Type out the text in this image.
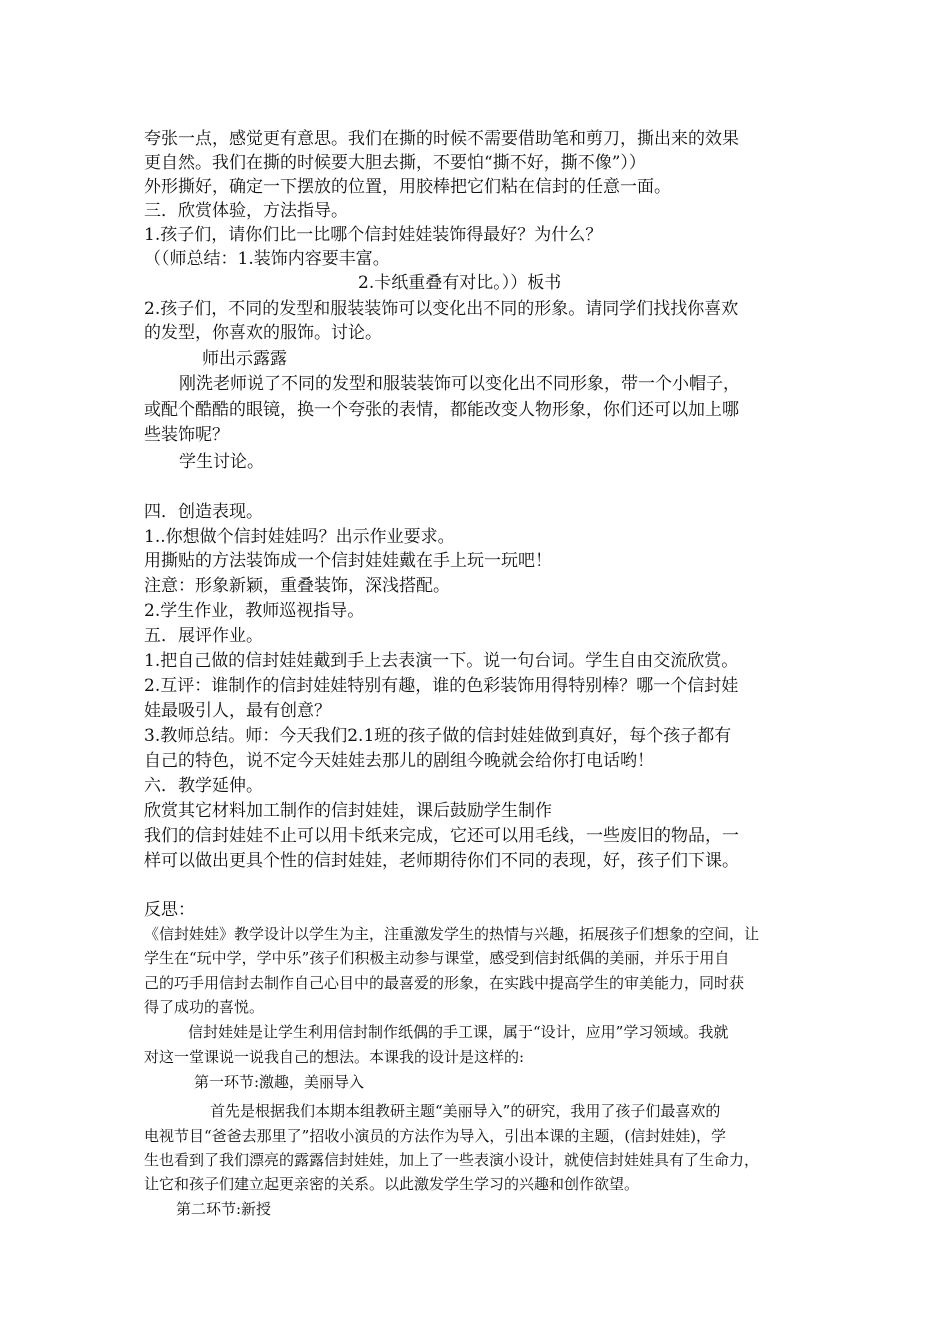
夸张一点，感觉更有意思。我们在撕的时候不需要借助笔和剪刀，撕出来的效果
更自然。我们在撕的时候要大胆去撕，不要怕“撕不好，撕不像”））
外形撕好，确定一下摆放的位置，用胶棒把它们粘在信封的任意一面。
三．欣赏体验，方法指导。
1.孩子们，请你们比一比哪个信封娃娃装饰得最好？为什么？
（（师总结：1.装饰内容要丰富。
2.卡纸重叠有对比。））板书
2.孩子们，不同的发型和服装装饰可以变化出不同的形象。请同学们找找你喜欢
的发型，你喜欢的服饰。讨论。
师出示露露
刚洗老师说了不同的发型和服装装饰可以变化出不同形象，带一个小帽子，
或配个酷酷的眼镜，换一个夸张的表情，都能改变人物形象，你们还可以加上哪
些装饰呢？
学生讨论。
四．创造表现。
1..你想做个信封娃娃吗？出示作业要求。
用撕贴的方法装饰成一个信封娃娃戴在手上玩一玩吧！
注意：形象新颖，重叠装饰，深浅搭配。
2.学生作业，教师巡视指导。
五．展评作业。
1.把自己做的信封娃娃戴到手上去表演一下。说一句台词。学生自由交流欣赏。
2.互评：谁制作的信封娃娃特别有趣，谁的色彩装饰用得特别棒？哪一个信封娃
娃最吸引人，最有创意？
3.教师总结。师：今天我们2.1班的孩子做的信封娃娃做到真好，每个孩子都有
自己的特色，说不定今天娃娃去那儿的剧组今晚就会给你打电话哟！
六．教学延伸。
欣赏其它材料加工制作的信封娃娃，课后鼓励学生制作
我们的信封娃娃不止可以用卡纸来完成，它还可以用毛线，一些废旧的物品，一
样可以做出更具个性的信封娃娃，老师期待你们不同的表现，好，孩子们下课。
反思：
《信封娃娃》教学设计以学生为主，注重激发学生的热情与兴趣，拓展孩子们想象的空间，让
学生在“玩中学，学中乐”孩子们积极主动参与课堂，感受到信封纸偶的美丽，并乐于用自
己的巧手用信封去制作自己心目中的最喜爱的形象，在实践中提高学生的审美能力，同时获
得了成功的喜悦。
信封娃娃是让学生利用信封制作纸偶的手工课，属于“设计，应用”学习领域。我就
对这一堂课说一说我自己的想法。本课我的设计是这样的:
第一环节:激趣，美丽导入
首先是根据我们本期本组教研主题“美丽导入”的研究，我用了孩子们最喜欢的
电视节目“爸爸去那里了”招收小演员的方法作为导入，引出本课的主题，(信封娃娃)，学
生也看到了我们漂亮的露露信封娃娃，加上了一些表演小设计，就使信封娃娃具有了生命力，
让它和孩子们建立起更亲密的关系。以此激发学生学习的兴趣和创作欲望。
第二环节:新授
